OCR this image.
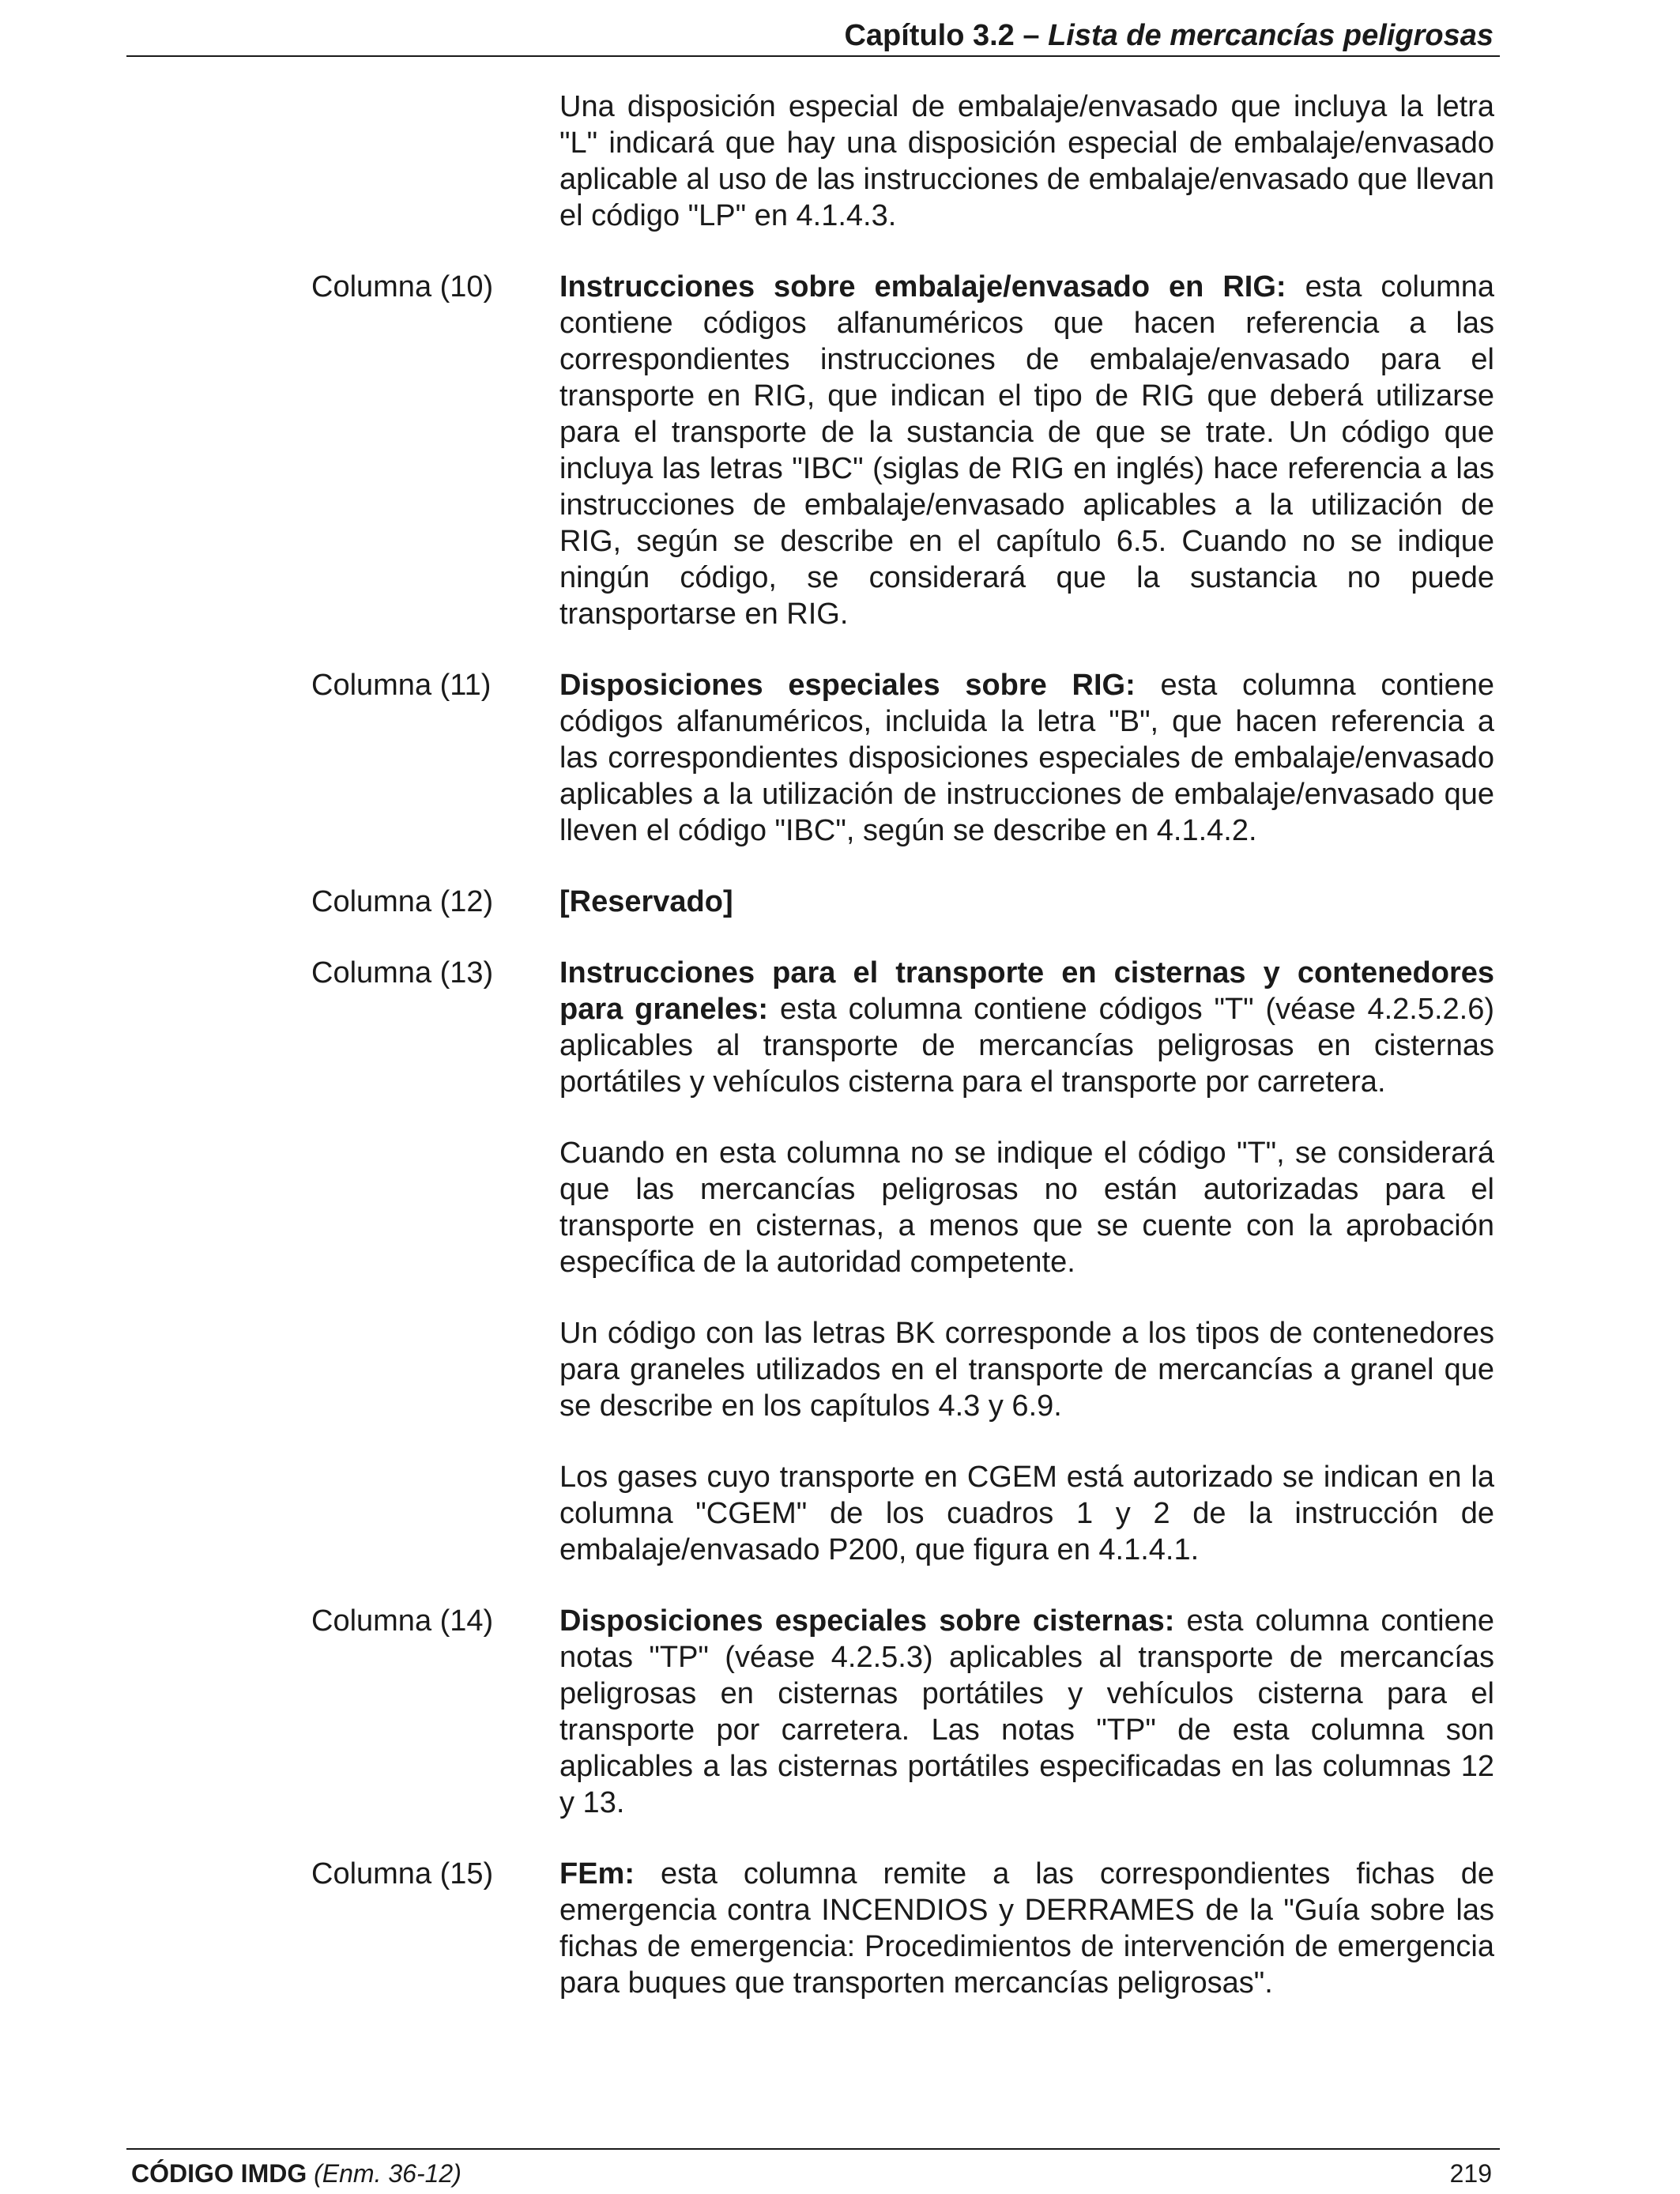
Capítulo 3.2 – Lista de mercancías peligrosas

Una disposición especial de embalaje/envasado que incluya la letra "L" indicará que hay una disposición especial de embalaje/envasado aplicable al uso de las instrucciones de embalaje/envasado que llevan el código "LP" en 4.1.4.3.

Columna (10)	Instrucciones sobre embalaje/envasado en RIG: esta columna contiene códigos alfanuméricos que hacen referencia a las correspondientes instrucciones de embalaje/envasado para el transporte en RIG, que indican el tipo de RIG que deberá utilizarse para el transporte de la sustancia de que se trate. Un código que incluya las letras "IBC" (siglas de RIG en inglés) hace referencia a las instrucciones de embalaje/envasado aplicables a la utilización de RIG, según se describe en el capítulo 6.5. Cuando no se indique ningún código, se considerará que la sustancia no puede transportarse en RIG.

Columna (11)	Disposiciones especiales sobre RIG: esta columna contiene códigos alfanuméricos, incluida la letra "B", que hacen referencia a las correspondientes disposiciones especiales de embalaje/envasado aplicables a la utilización de instrucciones de embalaje/envasado que lleven el código "IBC", según se describe en 4.1.4.2.

Columna (12)	[Reservado]

Columna (13)	Instrucciones para el transporte en cisternas y contenedores para graneles: esta columna contiene códigos "T" (véase 4.2.5.2.6) aplicables al transporte de mercancías peligrosas en cisternas portátiles y vehículos cisterna para el transporte por carretera.

Cuando en esta columna no se indique el código "T", se considerará que las mercancías peligrosas no están autorizadas para el transporte en cisternas, a menos que se cuente con la aprobación específica de la autoridad competente.

Un código con las letras BK corresponde a los tipos de contenedores para graneles utilizados en el transporte de mercancías a granel que se describe en los capítulos 4.3 y 6.9.

Los gases cuyo transporte en CGEM está autorizado se indican en la columna "CGEM" de los cuadros 1 y 2 de la instrucción de embalaje/envasado P200, que figura en 4.1.4.1.

Columna (14)	Disposiciones especiales sobre cisternas: esta columna contiene notas "TP" (véase 4.2.5.3) aplicables al transporte de mercancías peligrosas en cisternas portátiles y vehículos cisterna para el transporte por carretera. Las notas "TP" de esta columna son aplicables a las cisternas portátiles especificadas en las columnas 12 y 13.

Columna (15)	FEm: esta columna remite a las correspondientes fichas de emergencia contra INCENDIOS y DERRAMES de la "Guía sobre las fichas de emergencia: Procedimientos de intervención de emergencia para buques que transporten mercancías peligrosas".

CÓDIGO IMDG (Enm. 36-12)	219
